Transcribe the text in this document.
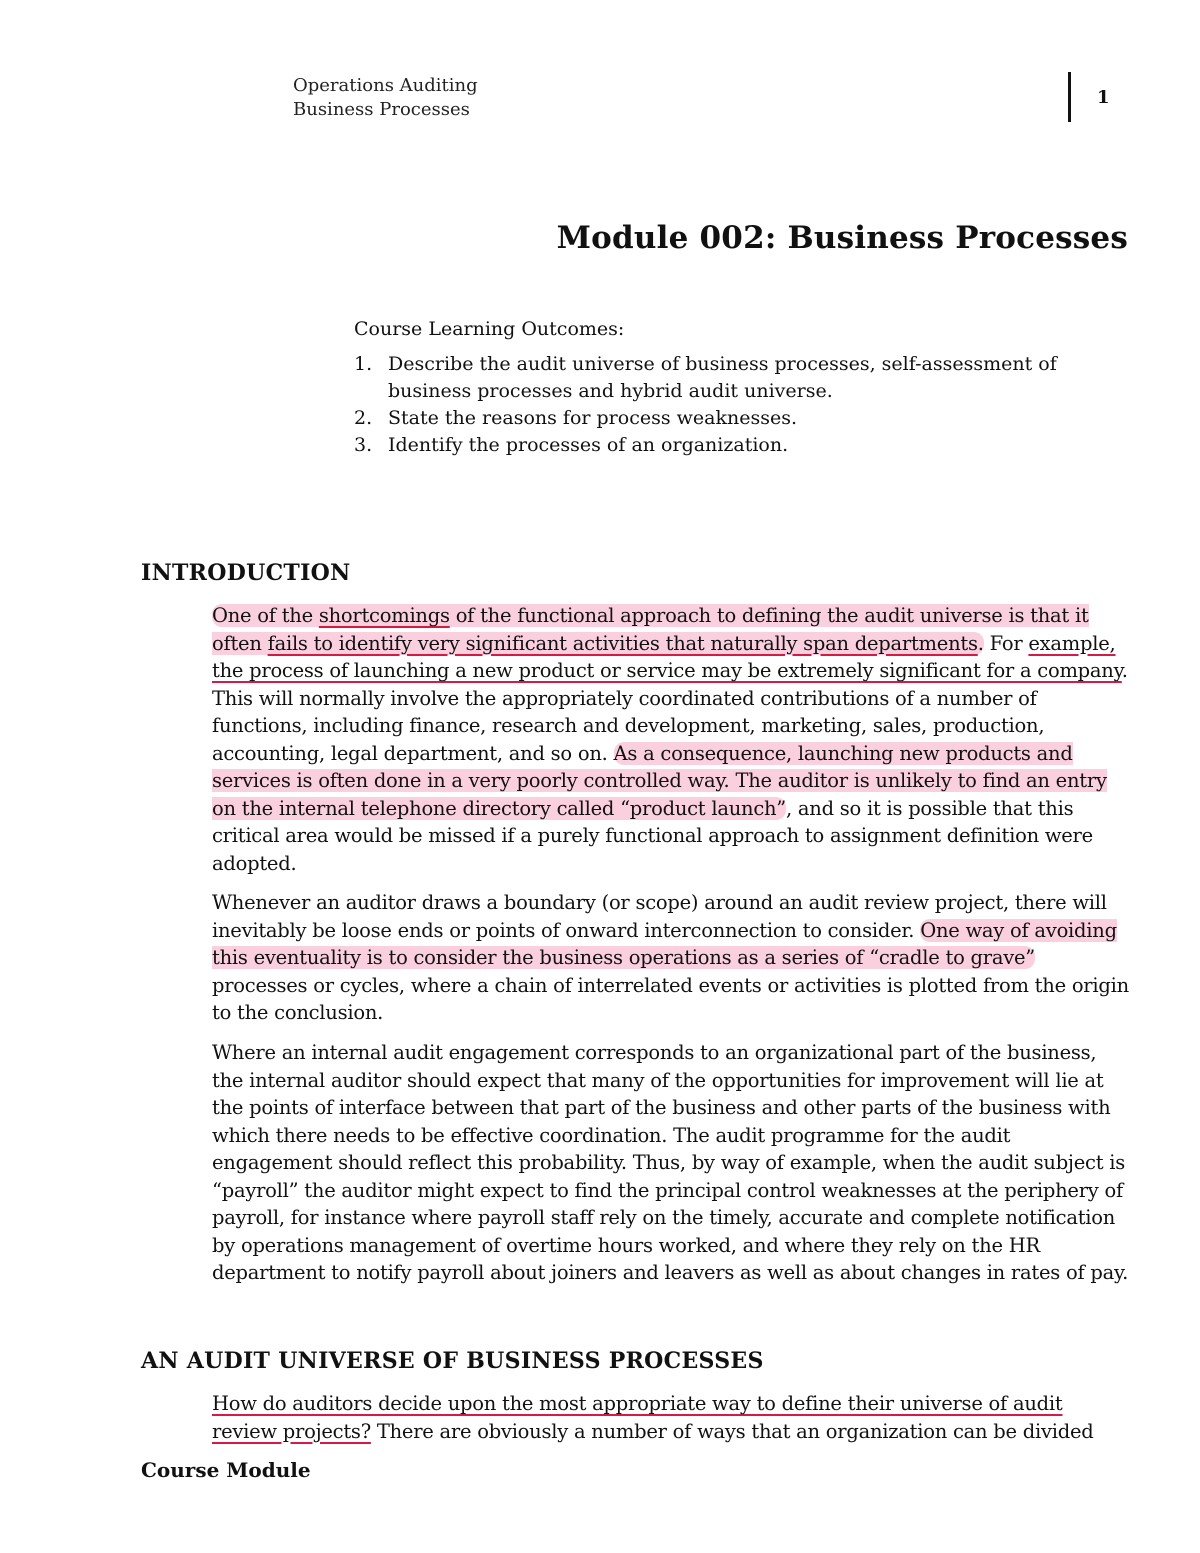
Operations Auditing
Business Processes
1
Module 002: Business Processes

Course Learning Outcomes:

1. Describe the audit universe of business processes, self-assessment of business processes and hybrid audit universe.
2. State the reasons for process weaknesses.
3. Identify the processes of an organization.
INTRODUCTION

One of the shortcomings of the functional approach to defining the audit universe is that it often fails to identify very significant activities that naturally span departments. For example, the process of launching a new product or service may be extremely significant for a company. This will normally involve the appropriately coordinated contributions of a number of functions, including finance, research and development, marketing, sales, production, accounting, legal department, and so on. As a consequence, launching new products and services is often done in a very poorly controlled way. The auditor is unlikely to find an entry on the internal telephone directory called “product launch”, and so it is possible that this critical area would be missed if a purely functional approach to assignment definition were adopted.

Whenever an auditor draws a boundary (or scope) around an audit review project, there will inevitably be loose ends or points of onward interconnection to consider. One way of avoiding this eventuality is to consider the business operations as a series of “cradle to grave” processes or cycles, where a chain of interrelated events or activities is plotted from the origin to the conclusion.

Where an internal audit engagement corresponds to an organizational part of the business, the internal auditor should expect that many of the opportunities for improvement will lie at the points of interface between that part of the business and other parts of the business with which there needs to be effective coordination. The audit programme for the audit engagement should reflect this probability. Thus, by way of example, when the audit subject is “payroll” the auditor might expect to find the principal control weaknesses at the periphery of payroll, for instance where payroll staff rely on the timely, accurate and complete notification by operations management of overtime hours worked, and where they rely on the HR department to notify payroll about joiners and leavers as well as about changes in rates of pay.

AN AUDIT UNIVERSE OF BUSINESS PROCESSES

How do auditors decide upon the most appropriate way to define their universe of audit review projects? There are obviously a number of ways that an organization can be divided

Course Module
